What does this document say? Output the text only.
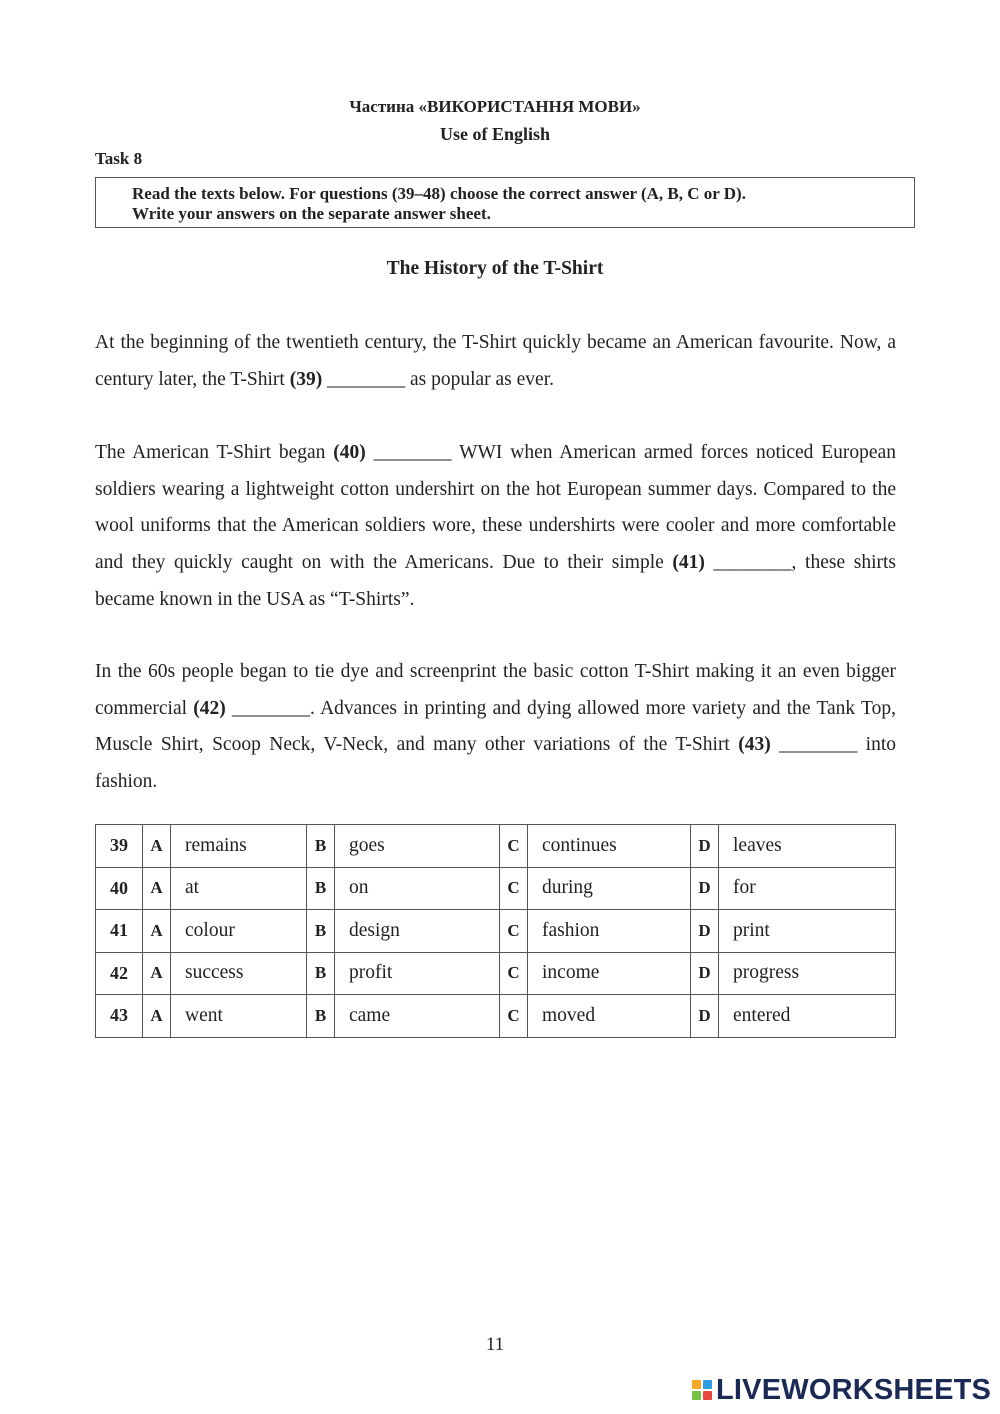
Частина «ВИКОРИСТАННЯ МОВИ»
Use of English
Task 8
Read the texts below. For questions (39–48) choose the correct answer (A, B, C or D).
Write your answers on the separate answer sheet.
The History of the T-Shirt
At the beginning of the twentieth century, the T-Shirt quickly became an American favourite. Now, a century later, the T-Shirt (39) ________ as popular as ever.
The American T-Shirt began (40) ________ WWI when American armed forces noticed European soldiers wearing a lightweight cotton undershirt on the hot European summer days. Compared to the wool uniforms that the American soldiers wore, these undershirts were cooler and more comfortable and they quickly caught on with the Americans. Due to their simple (41) ________, these shirts became known in the USA as “T-Shirts”.
In the 60s people began to tie dye and screenprint the basic cotton T-Shirt making it an even bigger commercial (42) ________. Advances in printing and dying allowed more variety and the Tank Top, Muscle Shirt, Scoop Neck, V-Neck, and many other variations of the T-Shirt (43) ________ into fashion.
39	A	remains	B	goes	C	continues	D	leaves
40	A	at	B	on	C	during	D	for
41	A	colour	B	design	C	fashion	D	print
42	A	success	B	profit	C	income	D	progress
43	A	went	B	came	C	moved	D	entered
11
LIVEWORKSHEETS
